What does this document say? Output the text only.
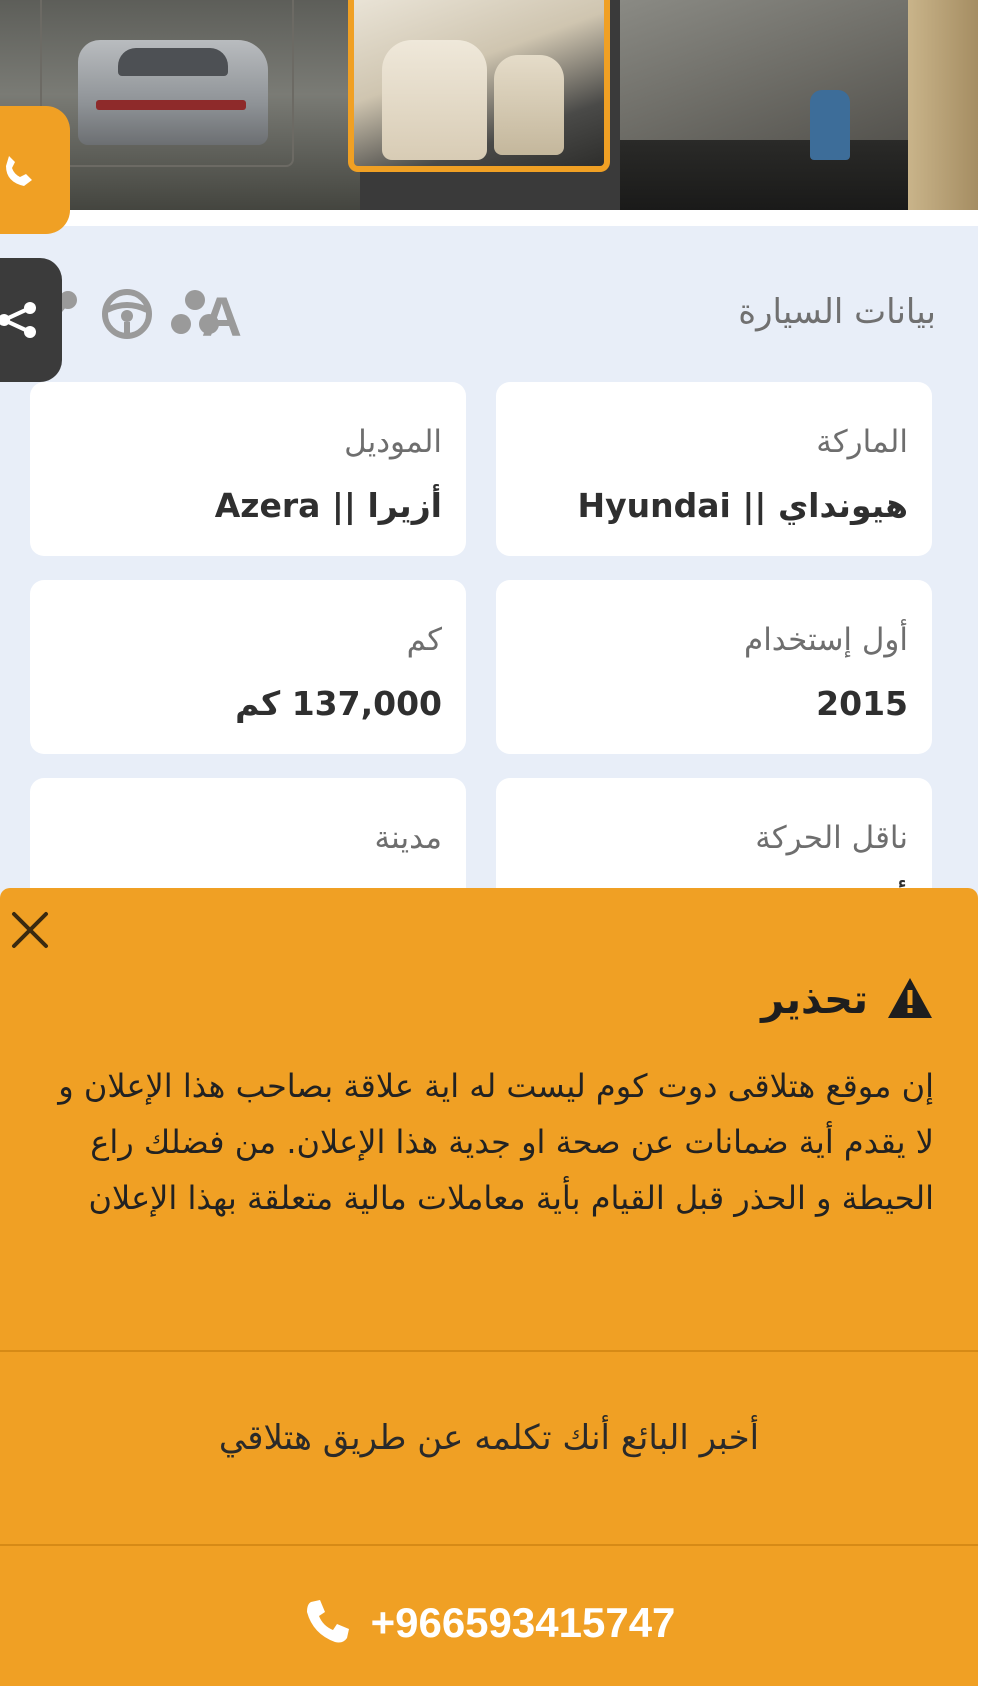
بيانات السيارة
A
الماركة
هيونداي || Hyundai
الموديل
أزيرا || Azera
أول إستخدام
2015
كم
137,000 كم
ناقل الحركة
مدينة
تحذير
إن موقع هتلاقى دوت كوم ليست له اية علاقة بصاحب هذا الإعلان و لا يقدم أية ضمانات عن صحة او جدية هذا الإعلان. من فضلك راع الحيطة و الحذر قبل القيام بأية معاملات مالية متعلقة بهذا الإعلان
أخبر البائع أنك تكلمه عن طريق هتلاقي
+966593415747
